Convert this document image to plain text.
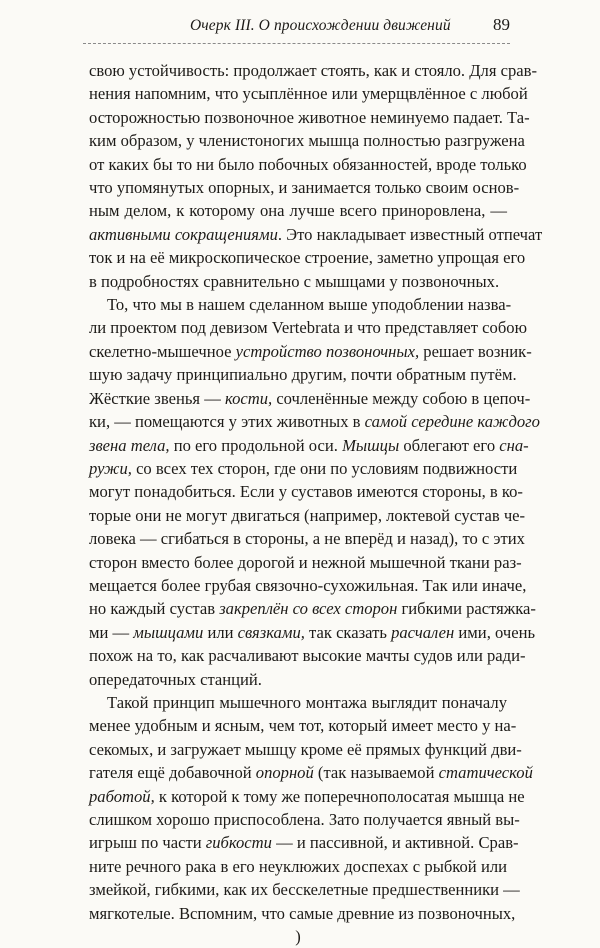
Очерк III. О происхождении движений 89
свою устойчивость: продолжает стоять, как и стояло. Для срав-
нения напомним, что усыплённое или умерщвлённое с любой
осторожностью позвоночное животное неминуемо падает. Та-
ким образом, у членистоногих мышца полностью разгружена
от каких бы то ни было побочных обязанностей, вроде только
что упомянутых опорных, и занимается только своим основ-
ным делом, к которому она лучше всего приноровлена, —
активными сокращениями. Это накладывает известный отпечат
ток и на её микроскопическое строение, заметно упрощая его
в подробностях сравнительно с мышцами у позвоночных.
То, что мы в нашем сделанном выше уподоблении назва-
ли проектом под девизом Vertebrata и что представляет собою
скелетно-мышечное устройство позвоночных, решает возник-
шую задачу принципиально другим, почти обратным путём.
Жёсткие звенья — кости, сочленённые между собою в цепоч-
ки, — помещаются у этих животных в самой середине каждого
звена тела, по его продольной оси. Мышцы облегают его сна-
ружи, со всех тех сторон, где они по условиям подвижности
могут понадобиться. Если у суставов имеются стороны, в ко-
торые они не могут двигаться (например, локтевой сустав че-
ловека — сгибаться в стороны, а не вперёд и назад), то с этих
сторон вместо более дорогой и нежной мышечной ткани раз-
мещается более грубая связочно-сухожильная. Так или иначе,
но каждый сустав закреплён со всех сторон гибкими растяжка-
ми — мышцами или связками, так сказать расчален ими, очень
похож на то, как расчаливают высокие мачты судов или ради-
опередаточных станций.
Такой принцип мышечного монтажа выглядит поначалу
менее удобным и ясным, чем тот, который имеет место у на-
секомых, и загружает мышцу кроме её прямых функций дви-
гателя ещё добавочной опорной (так называемой статической
работой, к которой к тому же поперечнополосатая мышца не
слишком хорошо приспособлена. Зато получается явный вы-
игрыш по части гибкости — и пассивной, и активной. Срав-
ните речного рака в его неуклюжих доспехах с рыбкой или
змейкой, гибкими, как их бесскелетные предшественники —
мягкотелые. Вспомним, что самые древние из позвоночных,
)
